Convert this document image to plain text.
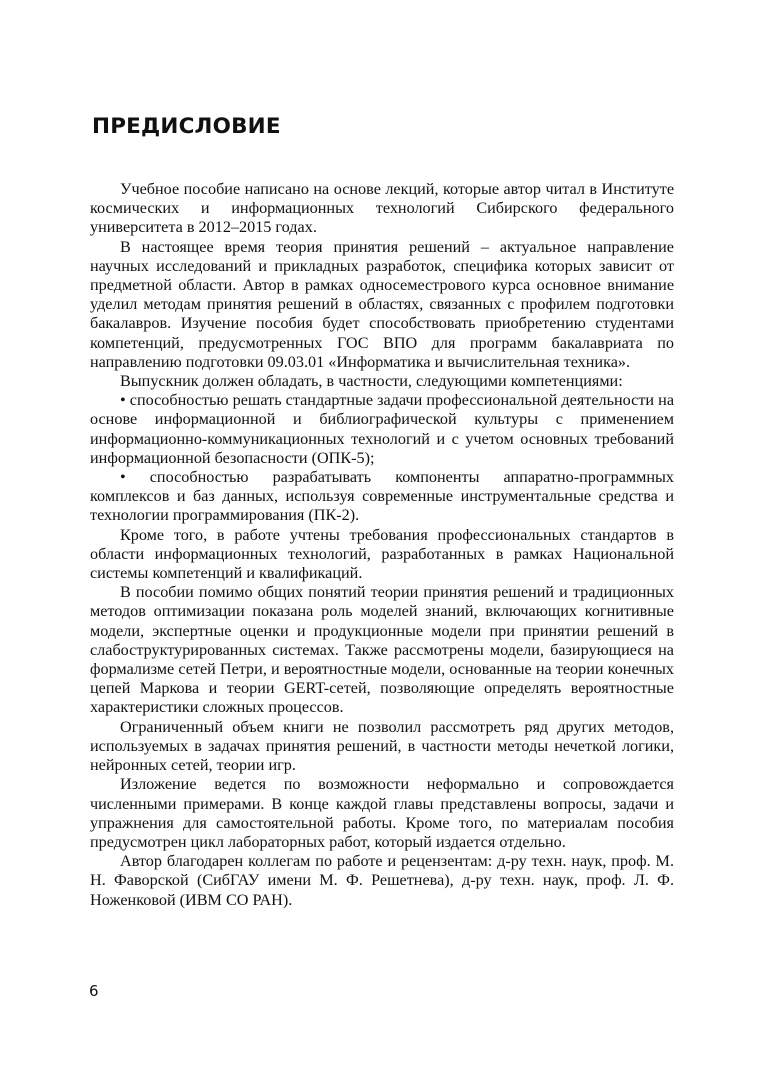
ПРЕДИСЛОВИЕ

Учебное пособие написано на основе лекций, которые автор читал в Институте космических и информационных технологий Сибирского федерального университета в 2012–2015 годах.

В настоящее время теория принятия решений – актуальное направление научных исследований и прикладных разработок, специфика которых зависит от предметной области. Автор в рамках односеместрового курса основное внимание уделил методам принятия решений в областях, связанных с профилем подготовки бакалавров. Изучение пособия будет способствовать приобретению студентами компетенций, предусмотренных ГОС ВПО для программ бакалавриата по направлению подготовки 09.03.01 «Информатика и вычислительная техника».

Выпускник должен обладать, в частности, следующими компетенциями:

• способностью решать стандартные задачи профессиональной деятельности на основе информационной и библиографической культуры с применением информационно-коммуникационных технологий и с учетом основных требований информационной безопасности (ОПК-5);

• способностью разрабатывать компоненты аппаратно-программных комплексов и баз данных, используя современные инструментальные средства и технологии программирования (ПК-2).

Кроме того, в работе учтены требования профессиональных стандартов в области информационных технологий, разработанных в рамках Национальной системы компетенций и квалификаций.

В пособии помимо общих понятий теории принятия решений и традиционных методов оптимизации показана роль моделей знаний, включающих когнитивные модели, экспертные оценки и продукционные модели при принятии решений в слабоструктурированных системах. Также рассмотрены модели, базирующиеся на формализме сетей Петри, и вероятностные модели, основанные на теории конечных цепей Маркова и теории GERT-сетей, позволяющие определять вероятностные характеристики сложных процессов.

Ограниченный объем книги не позволил рассмотреть ряд других методов, используемых в задачах принятия решений, в частности методы нечеткой логики, нейронных сетей, теории игр.

Изложение ведется по возможности неформально и сопровождается численными примерами. В конце каждой главы представлены вопросы, задачи и упражнения для самостоятельной работы. Кроме того, по материалам пособия предусмотрен цикл лабораторных работ, который издается отдельно.

Автор благодарен коллегам по работе и рецензентам: д-ру техн. наук, проф. М. Н. Фаворской (СибГАУ имени М. Ф. Решетнева), д-ру техн. наук, проф. Л. Ф. Ноженковой (ИВМ СО РАН).

6
